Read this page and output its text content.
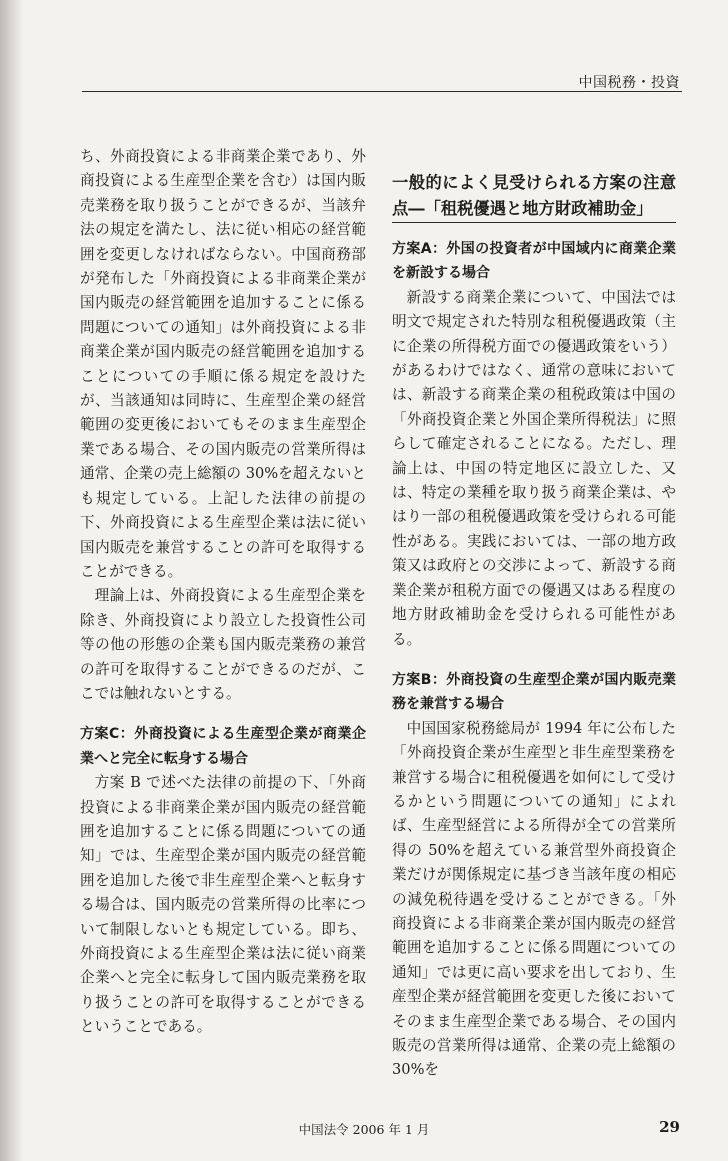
中国税務・投資

ち、外商投資による非商業企業であり、外商投資による生産型企業を含む）は国内販売業務を取り扱うことができるが、当該弁法の規定を満たし、法に従い相応の経営範囲を変更しなければならない。中国商務部が発布した「外商投資による非商業企業が国内販売の経営範囲を追加することに係る問題についての通知」は外商投資による非商業企業が国内販売の経営範囲を追加することについての手順に係る規定を設けたが、当該通知は同時に、生産型企業の経営範囲の変更後においてもそのまま生産型企業である場合、その国内販売の営業所得は通常、企業の売上総額の 30%を超えないとも規定している。上記した法律の前提の下、外商投資による生産型企業は法に従い国内販売を兼営することの許可を取得することができる。

理論上は、外商投資による生産型企業を除き、外商投資により設立した投資性公司等の他の形態の企業も国内販売業務の兼営の許可を取得することができるのだが、ここでは触れないとする。

方案C：外商投資による生産型企業が商業企業へと完全に転身する場合

方案 B で述べた法律の前提の下、「外商投資による非商業企業が国内販売の経営範囲を追加することに係る問題についての通知」では、生産型企業が国内販売の経営範囲を追加した後で非生産型企業へと転身する場合は、国内販売の営業所得の比率について制限しないとも規定している。即ち、外商投資による生産型企業は法に従い商業企業へと完全に転身して国内販売業務を取り扱うことの許可を取得することができるということである。

一般的によく見受けられる方案の注意点―「租税優遇と地方財政補助金」
方案A：外国の投資者が中国域内に商業企業を新設する場合

新設する商業企業について、中国法では明文で規定された特別な租税優遇政策（主に企業の所得税方面での優遇政策をいう）があるわけではなく、通常の意味においては、新設する商業企業の租税政策は中国の「外商投資企業と外国企業所得税法」に照らして確定されることになる。ただし、理論上は、中国の特定地区に設立した、又は、特定の業種を取り扱う商業企業は、やはり一部の租税優遇政策を受けられる可能性がある。実践においては、一部の地方政策又は政府との交渉によって、新設する商業企業が租税方面での優遇又はある程度の地方財政補助金を受けられる可能性がある。

方案B：外商投資の生産型企業が国内販売業務を兼営する場合

中国国家税務総局が 1994 年に公布した「外商投資企業が生産型と非生産型業務を兼営する場合に租税優遇を如何にして受けるかという問題についての通知」によれば、生産型経営による所得が全ての営業所得の 50%を超えている兼営型外商投資企業だけが関係規定に基づき当該年度の相応の減免税待遇を受けることができる。「外商投資による非商業企業が国内販売の経営範囲を追加することに係る問題についての通知」では更に高い要求を出しており、生産型企業が経営範囲を変更した後においてそのまま生産型企業である場合、その国内販売の営業所得は通常、企業の売上総額の 30%を

中国法令 2006 年 1 月	29
